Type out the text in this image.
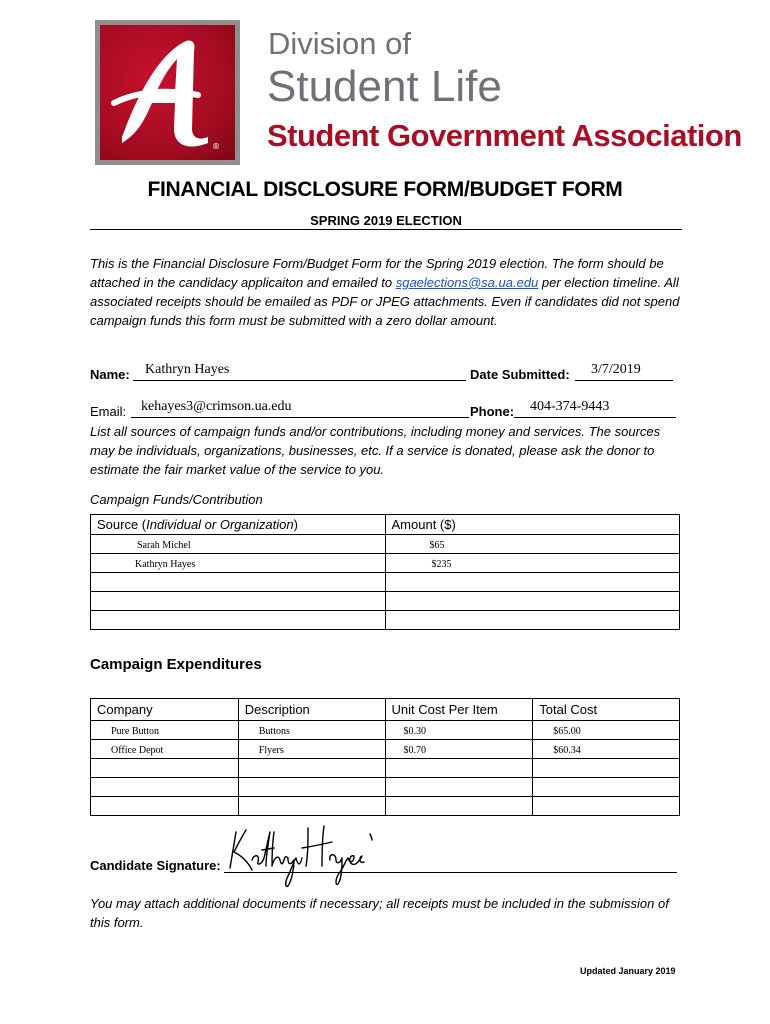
®
Division of
Student Life
Student Government Association
FINANCIAL DISCLOSURE FORM/BUDGET FORM
SPRING 2019 ELECTION
This is the Financial Disclosure Form/Budget Form for the Spring 2019 election. The form should be attached in the candidacy applicaiton and emailed to sgaelections@sa.ua.edu per election timeline. All associated receipts should be emailed as PDF or JPEG attachments. Even if candidates did not spend campaign funds this form must be submitted with a zero dollar amount.
Name: Kathryn Hayes	Date Submitted: 3/7/2019
Email: kehayes3@crimson.ua.edu	Phone: 404-374-9443
List all sources of campaign funds and/or contributions, including money and services. The sources may be individuals, organizations, businesses, etc. If a service is donated, please ask the donor to estimate the fair market value of the service to you.
Campaign Funds/Contribution
Source (Individual or Organization)	Amount ($)
Sarah Michel	$65
Kathryn Hayes	$235

Campaign Expenditures
Company	Description	Unit Cost Per Item	Total Cost
Pure Button	Buttons	$0.30	$65.00
Office Depot	Flyers	$0.70	$60.34

Candidate Signature:
You may attach additional documents if necessary; all receipts must be included in the submission of this form.
Updated January 2019
